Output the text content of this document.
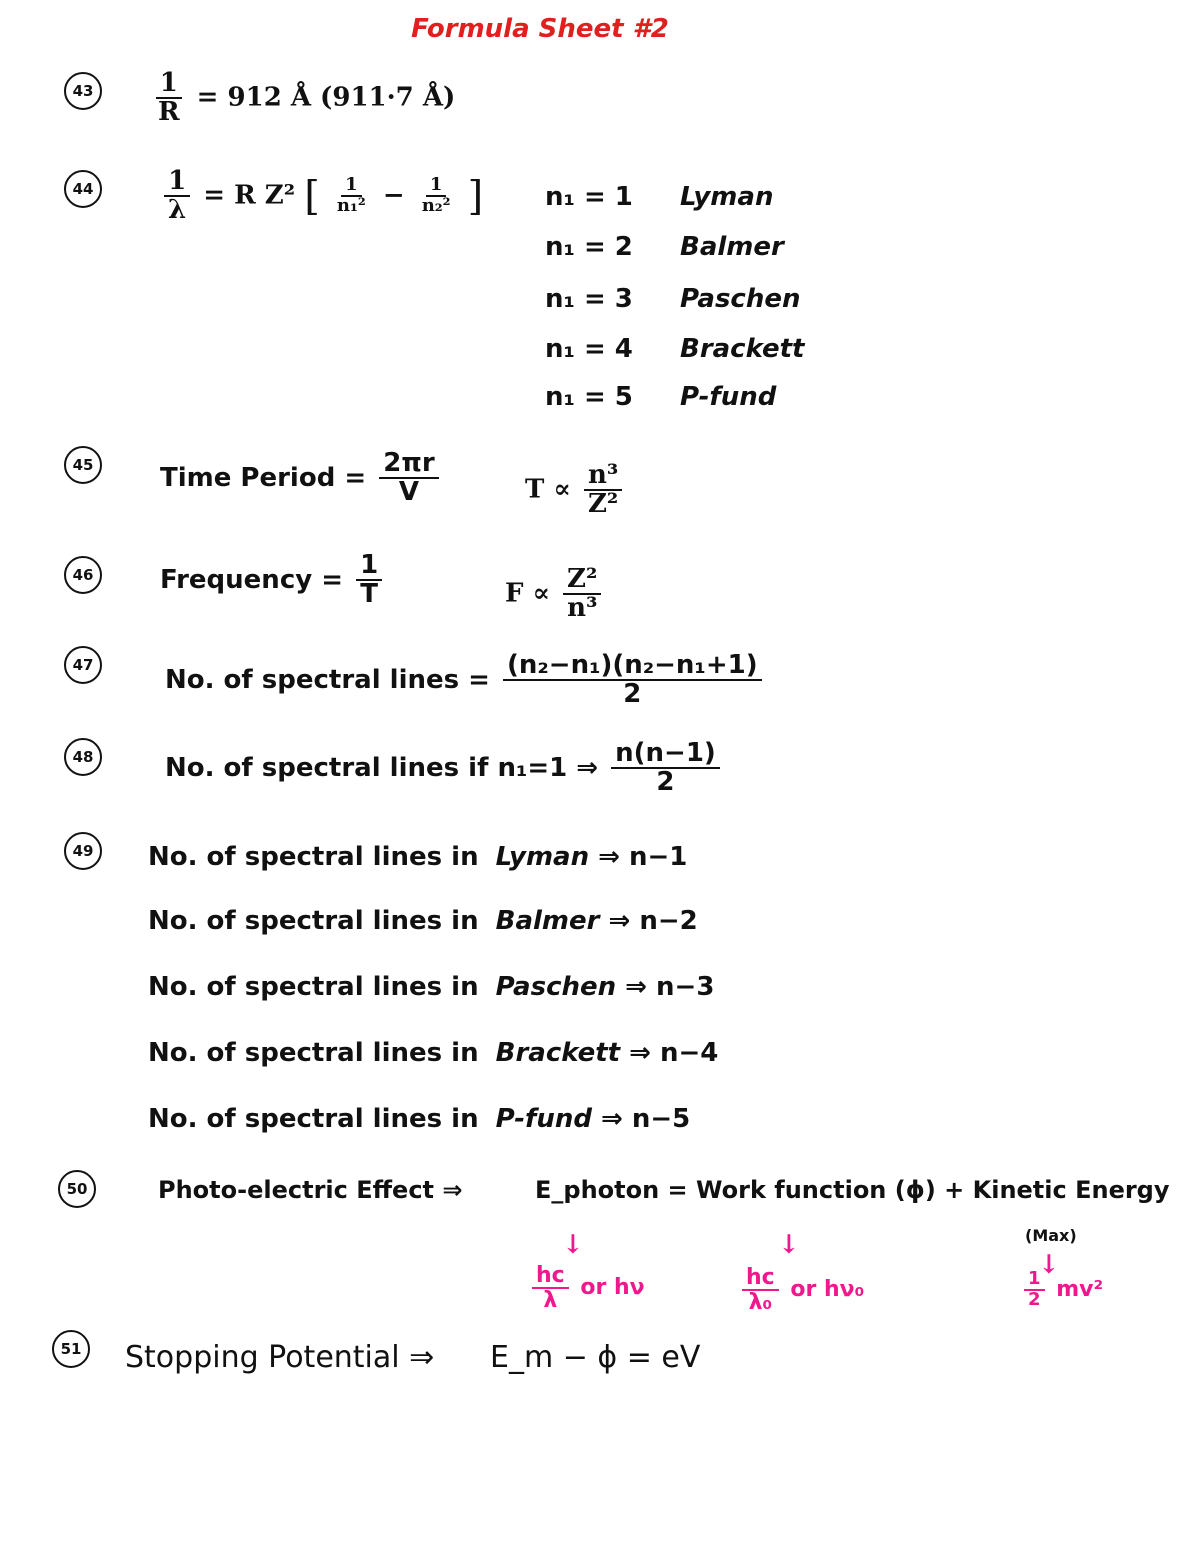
Formula Sheet #2
43	$\frac{1}{R} = 912$ Å (911·7 Å)
44	$\frac{1}{\lambda} = R$ Z² [ $\frac{1}{\text{n₁²}} - \frac{1}{\text{n₂²}}$ ] n₁ = 1 Lyman
n₁ = 2 Balmer
n₁ = 3 Paschen
n₁ = 4 Brackett
n₁ = 5 P-fund
45	Time Period = $\frac{2\pi r}{V}$	$T \propto \frac{\text{n³}}{\text{Z²}}$
46	Frequency = $\frac{1}{T}$	$F \propto \frac{\text{Z²}}{\text{n³}}$
47	No. of spectral lines = $\frac{\text{(n₂−n₁)(n₂−n₁+1)}}{2}$
48	No. of spectral lines if n₁=1 ⇒ $\frac{n(n-1)}{2}$
49	No. of spectral lines in Lyman ⇒ n−1
No. of spectral lines in Balmer ⇒ n−2
No. of spectral lines in Paschen ⇒ n−3
No. of spectral lines in Brackett ⇒ n−4
No. of spectral lines in P-fund ⇒ n−5
50	Photo-electric Effect ⇒	E_photon = Work function (ϕ) + Kinetic Energy
(Max)
↓	↓
↓
$\frac{hc}{\lambda}$ or hν	$\frac{hc}{\text{λ₀}}$ or hν₀	$\frac{1}{2} mv^2$
51 Stopping Potential ⇒ E_m − ϕ = eV
